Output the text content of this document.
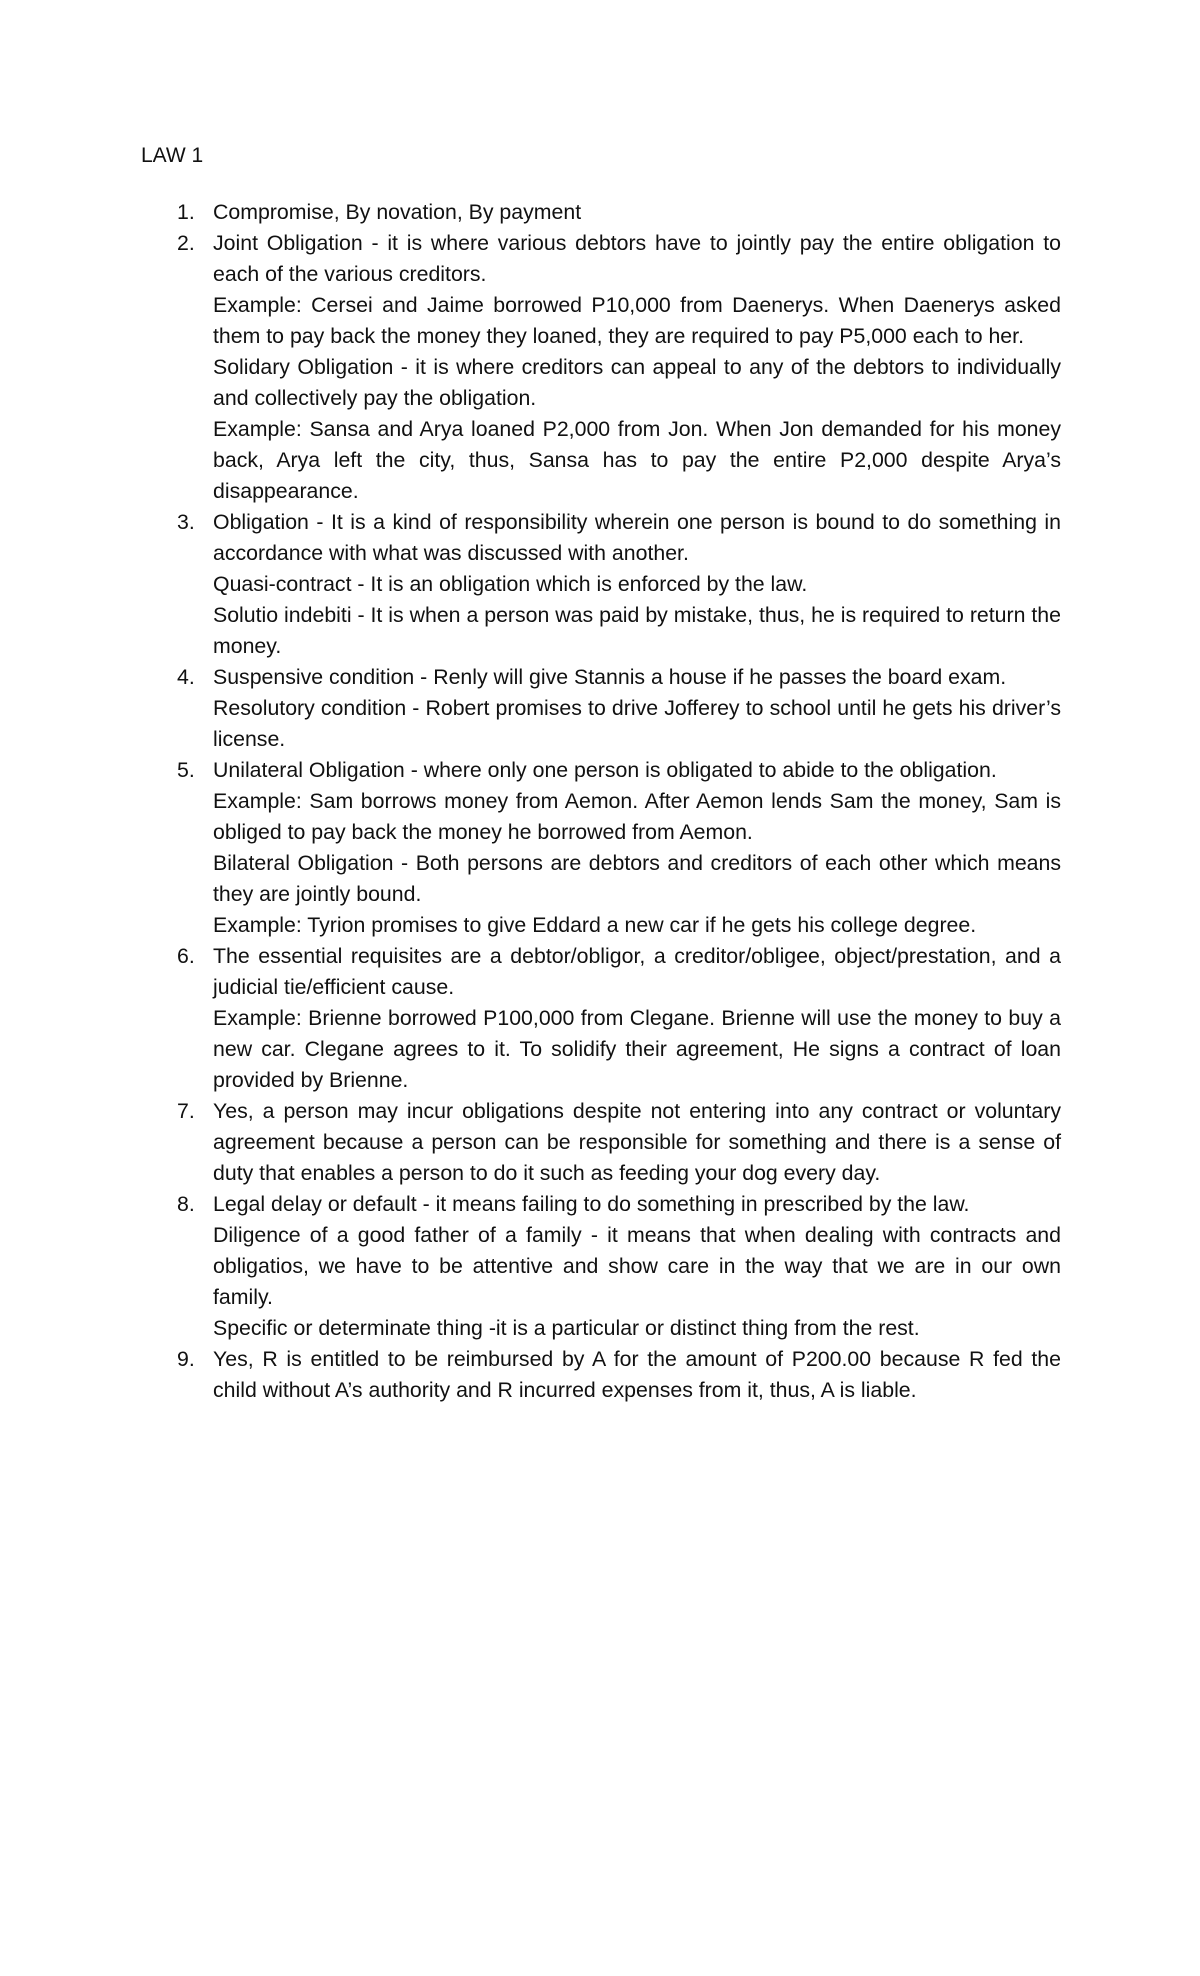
LAW 1
1. Compromise, By novation, By payment

2. Joint Obligation - it is where various debtors have to jointly pay the entire obligation to each of the various creditors.

Example: Cersei and Jaime borrowed P10,000 from Daenerys. When Daenerys asked them to pay back the money they loaned, they are required to pay P5,000 each to her.

Solidary Obligation - it is where creditors can appeal to any of the debtors to individually and collectively pay the obligation.

Example: Sansa and Arya loaned P2,000 from Jon. When Jon demanded for his money back, Arya left the city, thus, Sansa has to pay the entire P2,000 despite Arya’s disappearance.

3. Obligation - It is a kind of responsibility wherein one person is bound to do something in accordance with what was discussed with another.

Quasi-contract - It is an obligation which is enforced by the law.

Solutio indebiti - It is when a person was paid by mistake, thus, he is required to return the money.

4. Suspensive condition - Renly will give Stannis a house if he passes the board exam.

Resolutory condition - Robert promises to drive Jofferey to school until he gets his driver’s license.

5. Unilateral Obligation - where only one person is obligated to abide to the obligation.

Example: Sam borrows money from Aemon. After Aemon lends Sam the money, Sam is obliged to pay back the money he borrowed from Aemon.

Bilateral Obligation - Both persons are debtors and creditors of each other which means they are jointly bound.

Example: Tyrion promises to give Eddard a new car if he gets his college degree.

6. The essential requisites are a debtor/obligor, a creditor/obligee, object/prestation, and a judicial tie/efficient cause.

Example: Brienne borrowed P100,000 from Clegane. Brienne will use the money to buy a new car. Clegane agrees to it. To solidify their agreement, He signs a contract of loan provided by Brienne.

7. Yes, a person may incur obligations despite not entering into any contract or voluntary agreement because a person can be responsible for something and there is a sense of duty that enables a person to do it such as feeding your dog every day.

8. Legal delay or default - it means failing to do something in prescribed by the law.

Diligence of a good father of a family - it means that when dealing with contracts and obligatios, we have to be attentive and show care in the way that we are in our own family.

Specific or determinate thing -it is a particular or distinct thing from the rest.

9. Yes, R is entitled to be reimbursed by A for the amount of P200.00 because R fed the child without A’s authority and R incurred expenses from it, thus, A is liable.
